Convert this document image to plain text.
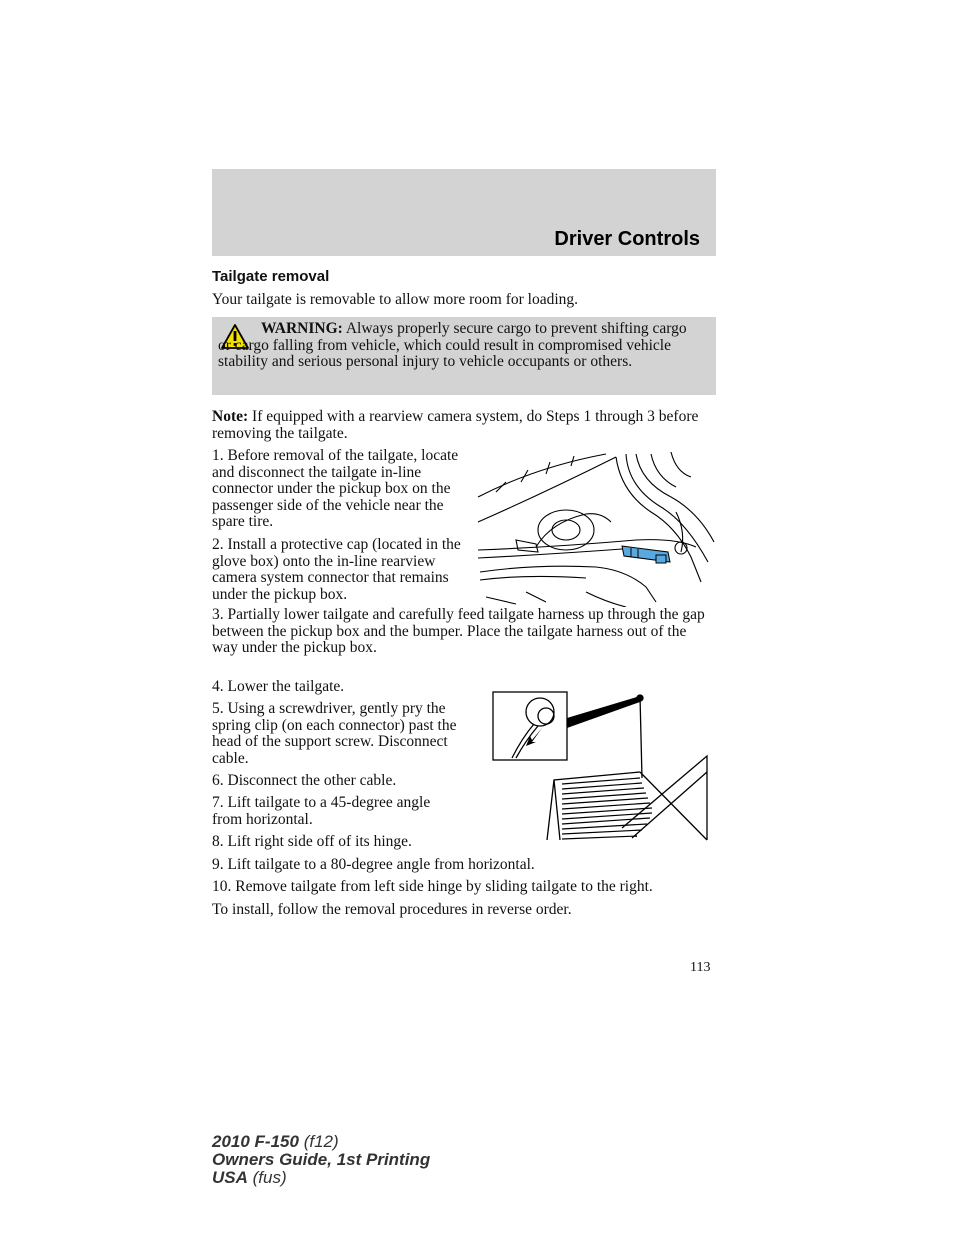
Driver Controls
Tailgate removal
Your tailgate is removable to allow more room for loading.
WARNING: Always properly secure cargo to prevent shifting cargo or cargo falling from vehicle, which could result in compromised vehicle stability and serious personal injury to vehicle occupants or others.
Note: If equipped with a rearview camera system, do Steps 1 through 3 before removing the tailgate.
1. Before removal of the tailgate, locate and disconnect the tailgate in-line connector under the pickup box on the passenger side of the vehicle near the spare tire.
2. Install a protective cap (located in the glove box) onto the in-line rearview camera system connector that remains under the pickup box.
3. Partially lower tailgate and carefully feed tailgate harness up through the gap between the pickup box and the bumper. Place the tailgate harness out of the way under the pickup box.
4. Lower the tailgate.
5. Using a screwdriver, gently pry the spring clip (on each connector) past the head of the support screw. Disconnect cable.
6. Disconnect the other cable.
7. Lift tailgate to a 45-degree angle from horizontal.
8. Lift right side off of its hinge.
9. Lift tailgate to a 80-degree angle from horizontal.
10. Remove tailgate from left side hinge by sliding tailgate to the right.
To install, follow the removal procedures in reverse order.
113
2010 F-150 (f12)
Owners Guide, 1st Printing
USA (fus)
